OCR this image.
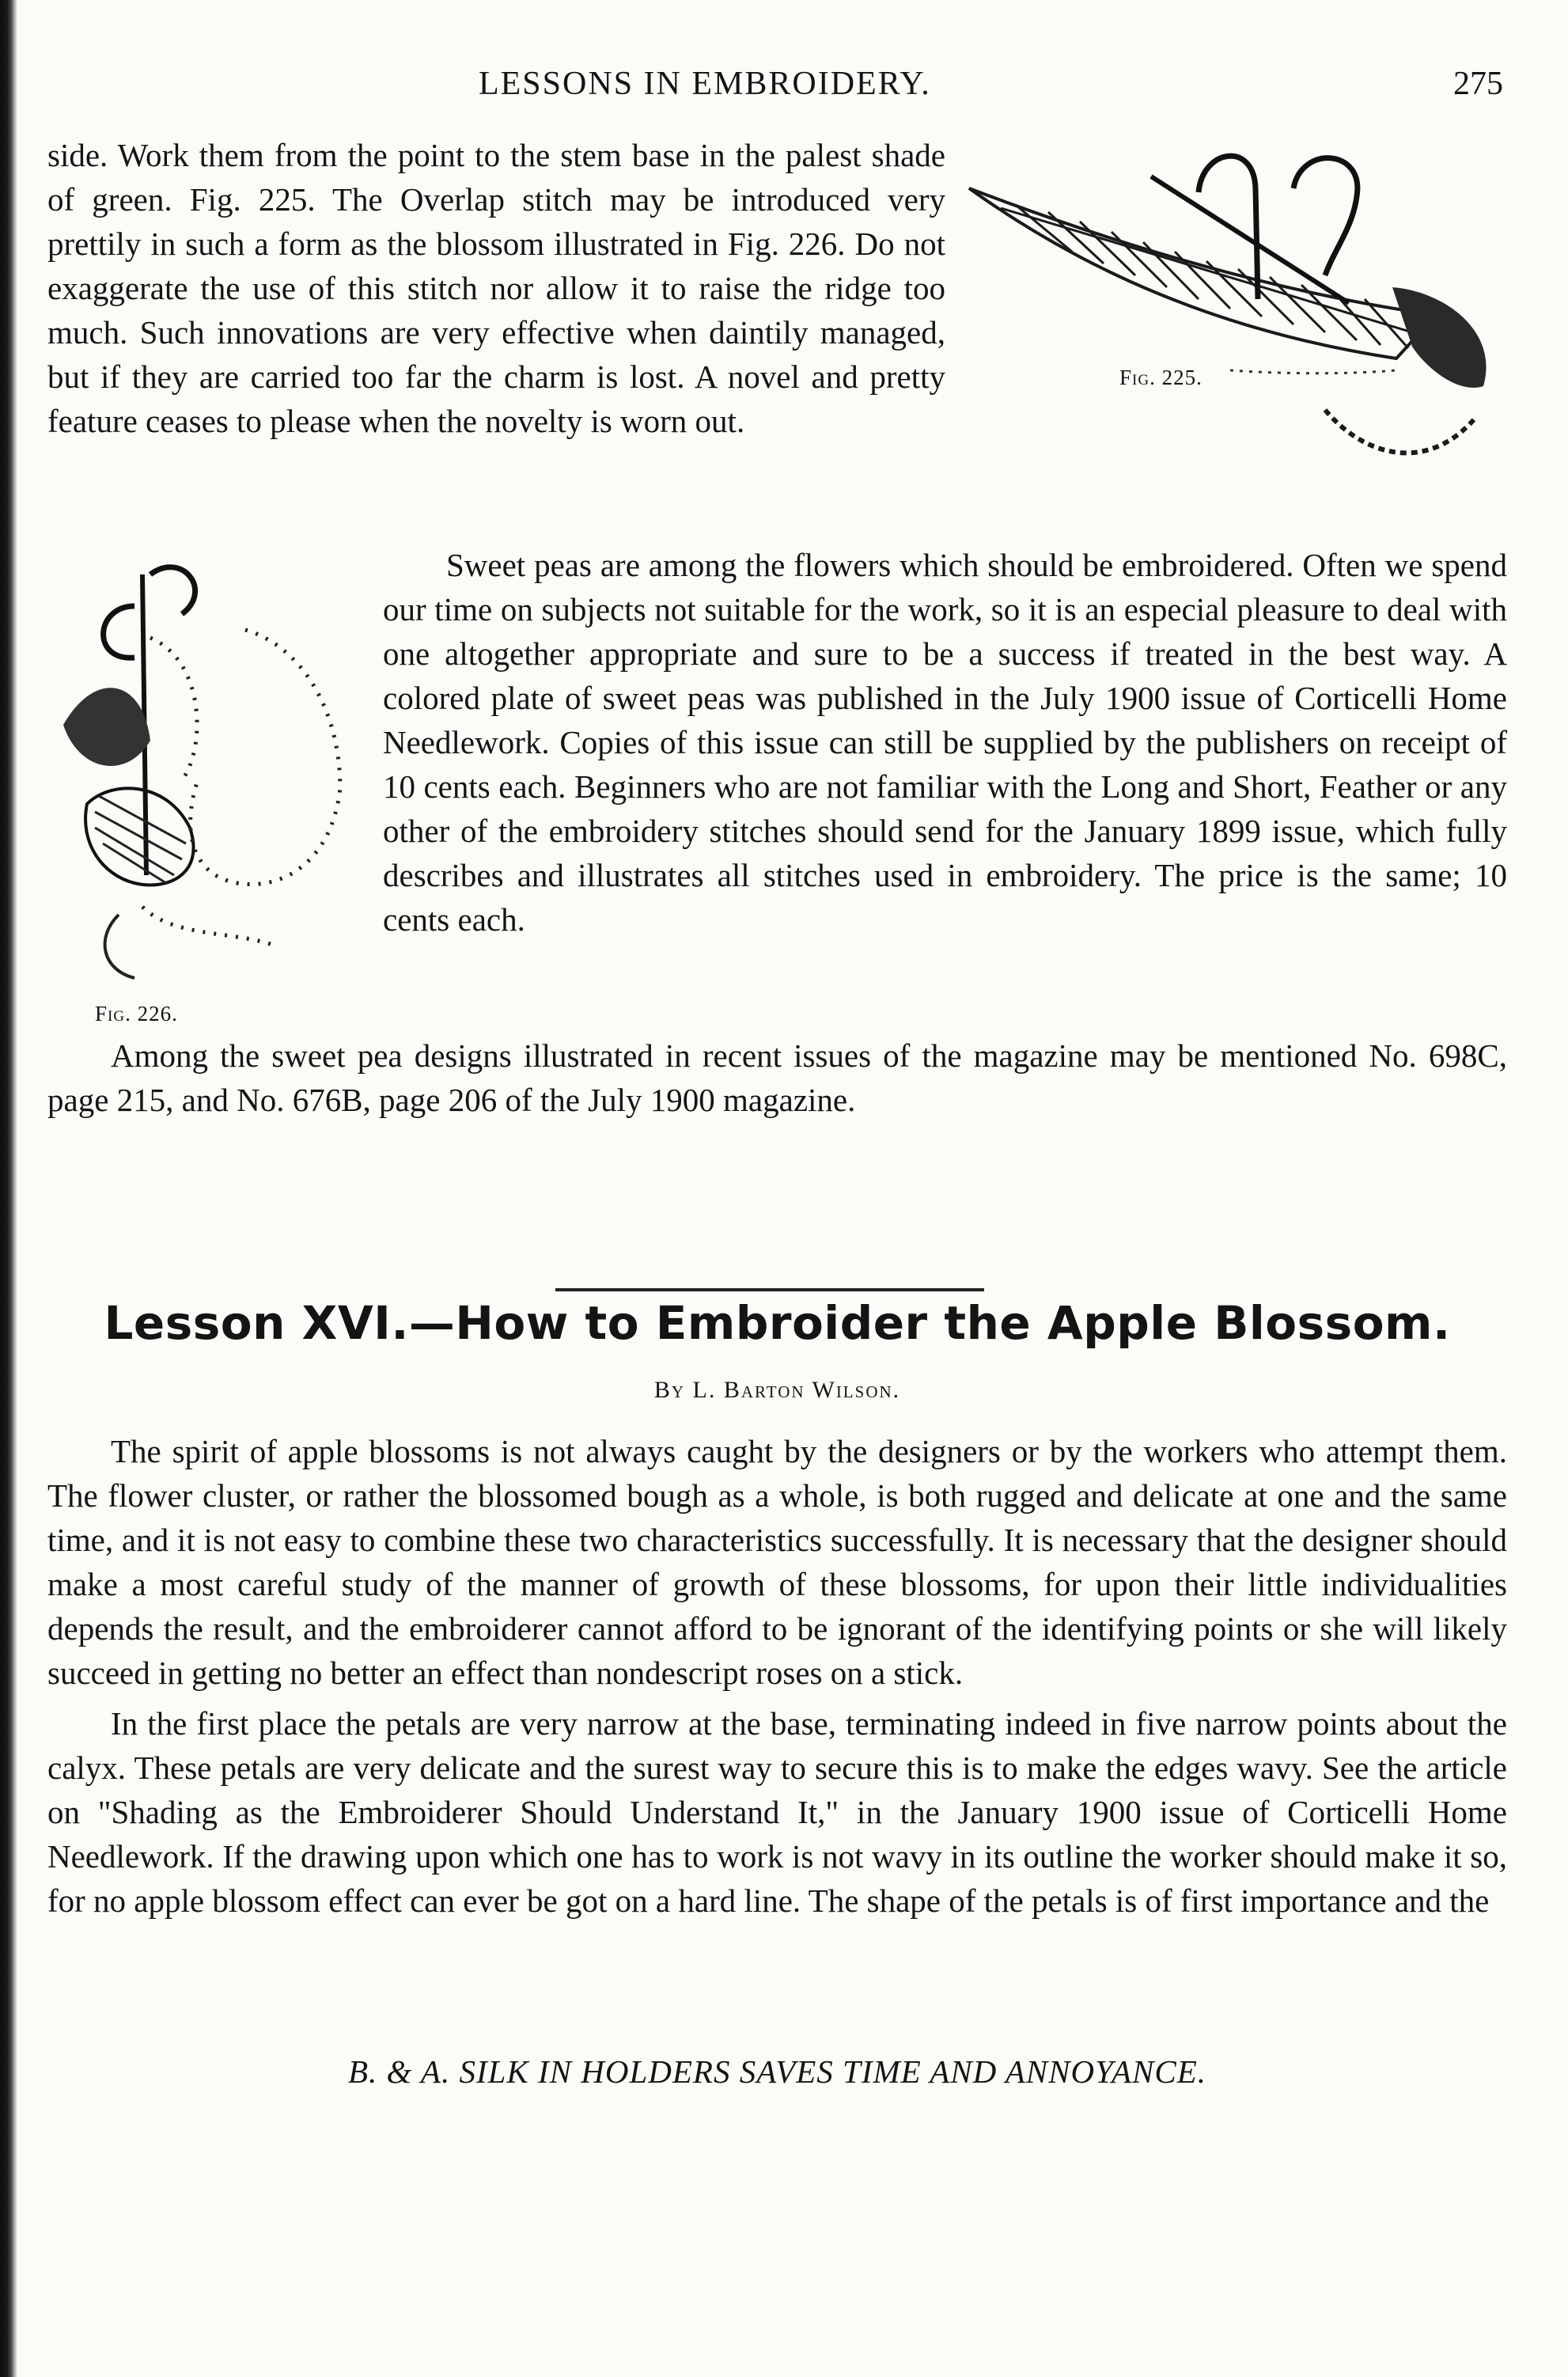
LESSONS IN EMBROIDERY.	275
Fig. 225.

side. Work them from the point to the stem base in the palest shade of green. Fig. 225. The Overlap stitch may be introduced very prettily in such a form as the blossom illustrated in Fig. 226. Do not exaggerate the use of this stitch nor allow it to raise the ridge too much. Such innovations are very effective when daintily managed, but if they are carried too far the charm is lost. A novel and pretty feature ceases to please when the novelty is worn out.

Fig. 226.

Sweet peas are among the flowers which should be embroidered. Often we spend our time on subjects not suitable for the work, so it is an especial pleasure to deal with one altogether appropriate and sure to be a success if treated in the best way. A colored plate of sweet peas was published in the July 1900 issue of Corticelli Home Needlework. Copies of this issue can still be supplied by the publishers on receipt of 10 cents each. Beginners who are not familiar with the Long and Short, Feather or any other of the embroidery stitches should send for the January 1899 issue, which fully describes and illustrates all stitches used in embroidery. The price is the same; 10 cents each.

Among the sweet pea designs illustrated in recent issues of the magazine may be mentioned No. 698C, page 215, and No. 676B, page 206 of the July 1900 magazine.

Lesson XVI.—How to Embroider the Apple Blossom.
By L. Barton Wilson.

The spirit of apple blossoms is not always caught by the designers or by the workers who attempt them. The flower cluster, or rather the blossomed bough as a whole, is both rugged and delicate at one and the same time, and it is not easy to combine these two characteristics successfully. It is necessary that the designer should make a most careful study of the manner of growth of these blossoms, for upon their little individualities depends the result, and the embroiderer cannot afford to be ignorant of the identifying points or she will likely succeed in getting no better an effect than nondescript roses on a stick.

In the first place the petals are very narrow at the base, terminating indeed in five narrow points about the calyx. These petals are very delicate and the surest way to secure this is to make the edges wavy. See the article on "Shading as the Embroiderer Should Understand It," in the January 1900 issue of Corticelli Home Needlework. If the drawing upon which one has to work is not wavy in its outline the worker should make it so, for no apple blossom effect can ever be got on a hard line. The shape of the petals is of first importance and the

B. & A. SILK IN HOLDERS SAVES TIME AND ANNOYANCE.
